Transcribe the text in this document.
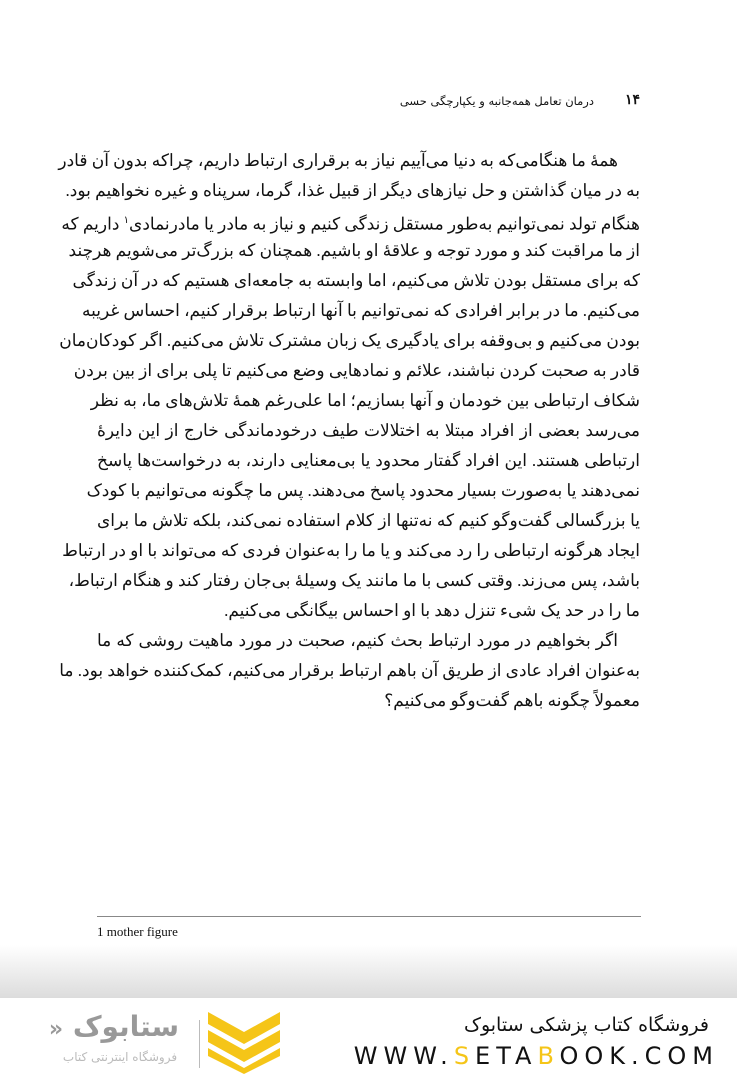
۱۴
درمان تعامل همه‌جانبه و یکپارچگی حسی
همهٔ ما هنگامی‌که به دنیا می‌آییم نیاز به برقراری ارتباط داریم، چراکه بدون آن قادر
به در میان گذاشتن و حل نیازهای دیگر از قبیل غذا، گرما، سرپناه و غیره نخواهیم بود.
هنگام تولد نمی‌توانیم به‌طور مستقل زندگی کنیم و نیاز به مادر یا مادرنمادی$^۱$ داریم که
از ما مراقبت کند و مورد توجه و علاقهٔ او باشیم. همچنان که بزرگ‌تر می‌شویم هرچند
که برای مستقل بودن تلاش می‌کنیم، اما وابسته به جامعه‌ای هستیم که در آن زندگی
می‌کنیم. ما در برابر افرادی که نمی‌توانیم با آنها ارتباط برقرار کنیم، احساس غریبه
بودن می‌کنیم و بی‌وقفه برای یادگیری یک زبان مشترک تلاش می‌کنیم. اگر کودکان‌مان
قادر به صحبت کردن نباشند، علائم و نمادهایی وضع می‌کنیم تا پلی برای از بین بردن
شکاف ارتباطی بین خودمان و آنها بسازیم؛ اما علی‌رغم همهٔ تلاش‌های ما، به نظر
می‌رسد بعضی از افراد مبتلا به اختلالات طیف درخودماندگی خارج از این دایرهٔ
ارتباطی هستند. این افراد گفتار محدود یا بی‌معنایی دارند، به درخواست‌ها پاسخ
نمی‌دهند یا به‌صورت بسیار محدود پاسخ می‌دهند. پس ما چگونه می‌توانیم با کودک
یا بزرگسالی گفت‌وگو کنیم که نه‌تنها از کلام استفاده نمی‌کند، بلکه تلاش ما برای
ایجاد هرگونه ارتباطی را رد می‌کند و یا ما را به‌عنوان فردی که می‌تواند با او در ارتباط
باشد، پس می‌زند. وقتی کسی با ما مانند یک وسیلهٔ بی‌جان رفتار کند و هنگام ارتباط،
ما را در حد یک شیء تنزل دهد با او احساس بیگانگی می‌کنیم.
اگر بخواهیم در مورد ارتباط بحث کنیم، صحبت در مورد ماهیت روشی که ما
به‌عنوان افراد عادی از طریق آن باهم ارتباط برقرار می‌کنیم، کمک‌کننده خواهد بود. ما
معمولاً چگونه باهم گفت‌وگو می‌کنیم؟
1 mother figure
ستابوک «
فروشگاه اینترنتی کتاب
فروشگاه کتاب پزشکی ستابوک
WWW.SETABOOK.COM
